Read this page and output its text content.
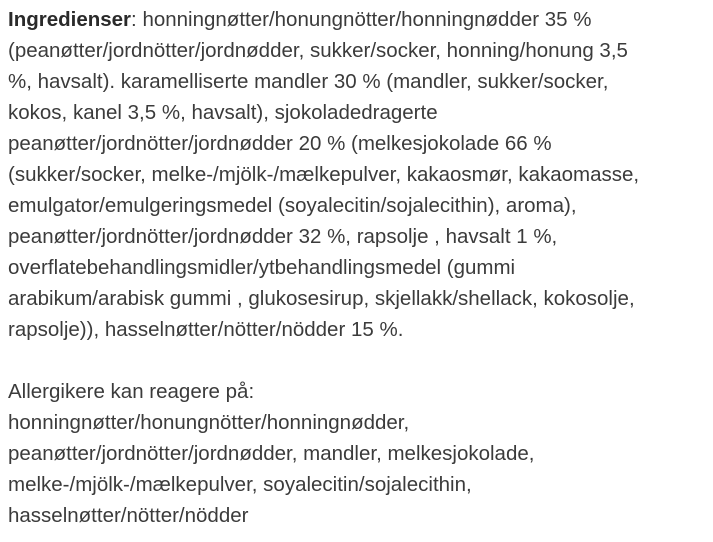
Ingredienser: honningnøtter/honungnötter/honningnødder 35 %
(peanøtter/jordnötter/jordnødder, sukker/socker, honning/honung 3,5
%, havsalt). karamelliserte mandler 30 % (mandler, sukker/socker,
kokos, kanel 3,5 %, havsalt), sjokoladedragerte
peanøtter/jordnötter/jordnødder 20 % (melkesjokolade 66 %
(sukker/socker, melke-/mjölk-/mælkepulver, kakaosmør, kakaomasse,
emulgator/emulgeringsmedel (soyalecitin/sojalecithin), aroma),
peanøtter/jordnötter/jordnødder 32 %, rapsolje , havsalt 1 %,
overflatebehandlingsmidler/ytbehandlingsmedel (gummi
arabikum/arabisk gummi , glukosesirup, skjellakk/shellack, kokosolje,
rapsolje)), hasselnøtter/nötter/nödder 15 %.
Allergikere kan reagere på:
honningnøtter/honungnötter/honningnødder,
peanøtter/jordnötter/jordnødder, mandler, melkesjokolade,
melke-/mjölk-/mælkepulver, soyalecitin/sojalecithin,
hasselnøtter/nötter/nödder
